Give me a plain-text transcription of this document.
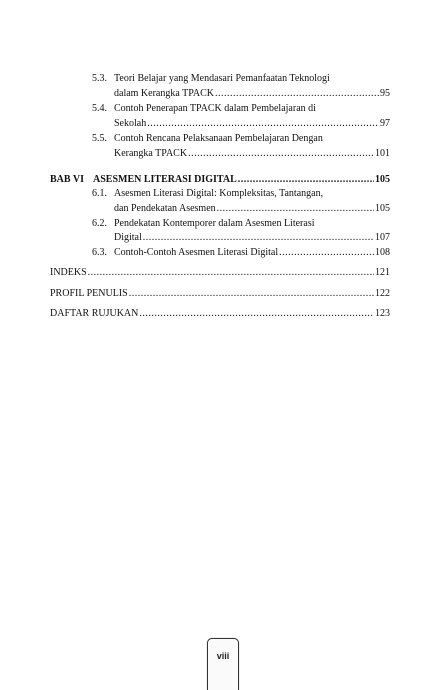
5.3. Teori Belajar yang Mendasari Pemanfaatan Teknologi
dalam Kerangka TPACK .....	95
5.4. Contoh Penerapan TPACK dalam Pembelajaran di
Sekolah .....	97
5.5. Contoh Rencana Pelaksanaan Pembelajaran Dengan
Kerangka TPACK .....	101
BAB VI ASESMEN LITERASI DIGITAL .....	105
6.1. Asesmen Literasi Digital: Kompleksitas, Tantangan,
dan Pendekatan Asesmen .....	105
6.2. Pendekatan Kontemporer dalam Asesmen Literasi
Digital .....	107
6.3. Contoh-Contoh Asesmen Literasi Digital .....	108
INDEKS .....	121
PROFIL PENULIS .....	122
DAFTAR RUJUKAN .....	123
viii
